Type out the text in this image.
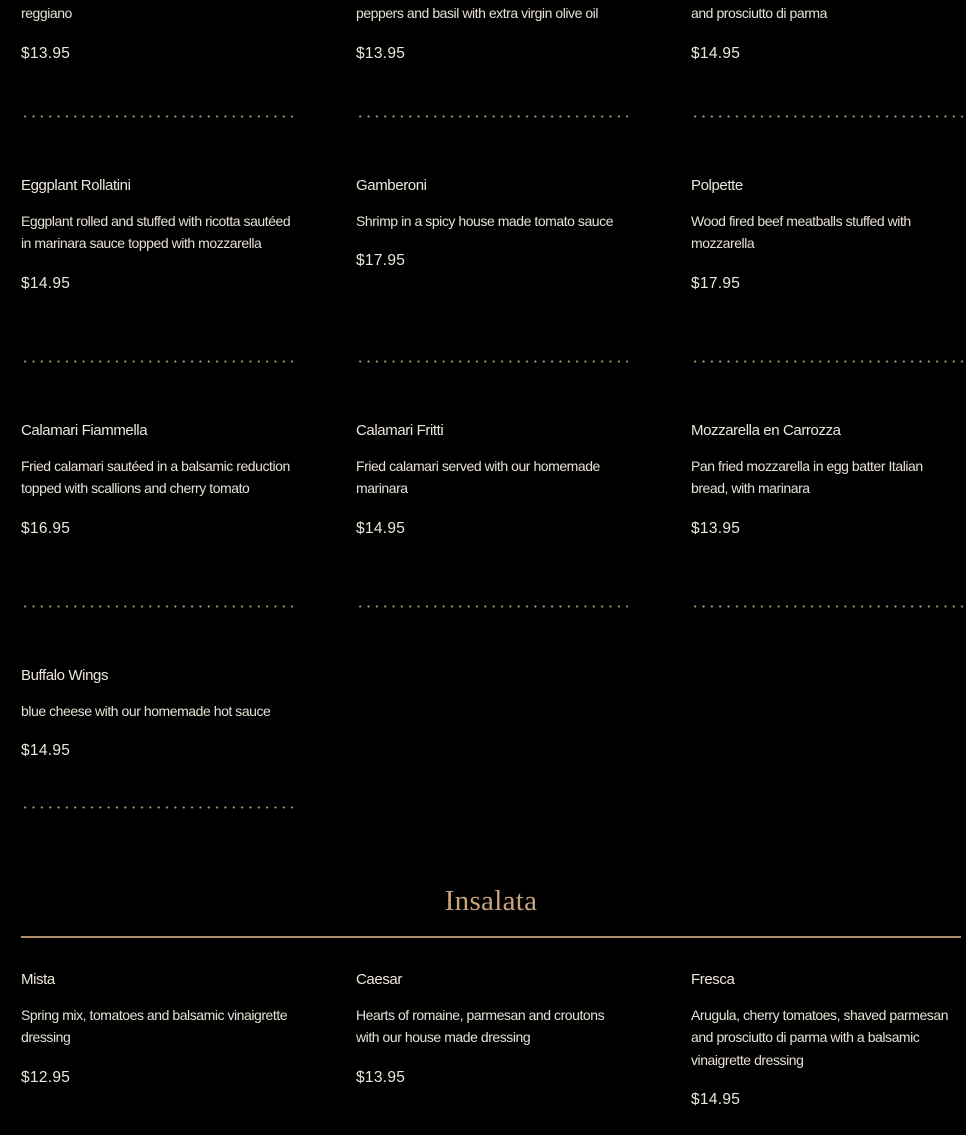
reggiano

$13.95

peppers and basil with extra virgin olive oil

$13.95

and prosciutto di parma

$14.95
Eggplant Rollatini

Eggplant rolled and stuffed with ricotta sautéed in marinara sauce topped with mozzarella

$14.95
Gamberoni

Shrimp in a spicy house made tomato sauce

$17.95
Polpette

Wood fired beef meatballs stuffed with mozzarella

$17.95
Calamari Fiammella

Fried calamari sautéed in a balsamic reduction topped with scallions and cherry tomato

$16.95
Calamari Fritti

Fried calamari served with our homemade marinara

$14.95
Mozzarella en Carrozza

Pan fried mozzarella in egg batter Italian bread, with marinara

$13.95
Buffalo Wings

blue cheese with our homemade hot sauce

$14.95
Insalata
Mista

Spring mix, tomatoes and balsamic vinaigrette dressing

$12.95
Caesar

Hearts of romaine, parmesan and croutons with our house made dressing

$13.95
Fresca

Arugula, cherry tomatoes, shaved parmesan and prosciutto di parma with a balsamic vinaigrette dressing

$14.95
